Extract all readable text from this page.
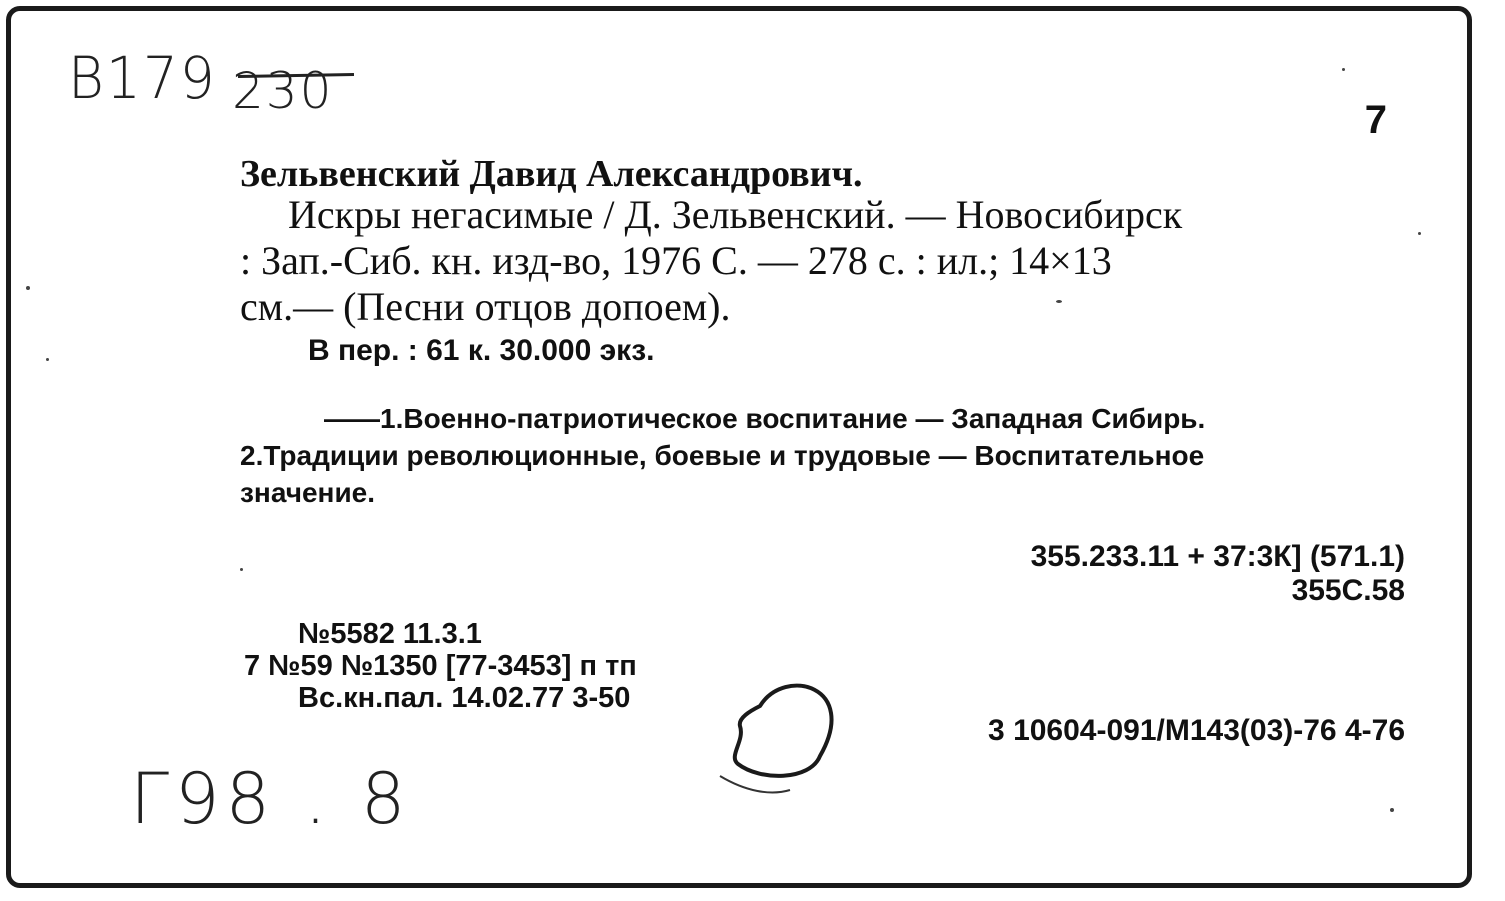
B179 230	7
Зельвенский Давид Александрович.
Искры негасимые / Д. Зельвенский. — Новосибирск
: Зап.-Сиб. кн. изд-во, 1976 С. — 278 с. : ил.; 14×13
см.— (Песни отцов допоем).
В пер. : 61 к. 30.000 экз.
——1.Военно-патриотическое воспитание — Западная Сибирь.
2.Традиции революционные, боевые и трудовые — Воспитательное
значение.
355.233.11 + 37:3К] (571.1)
355С.58
№5582 11.3.1
7 №59 №1350 [77-3453] п тп
Вс.кн.пал. 14.02.77 3-50
3 10604-091/М143(03)-76 4-76
Г98 . 8
